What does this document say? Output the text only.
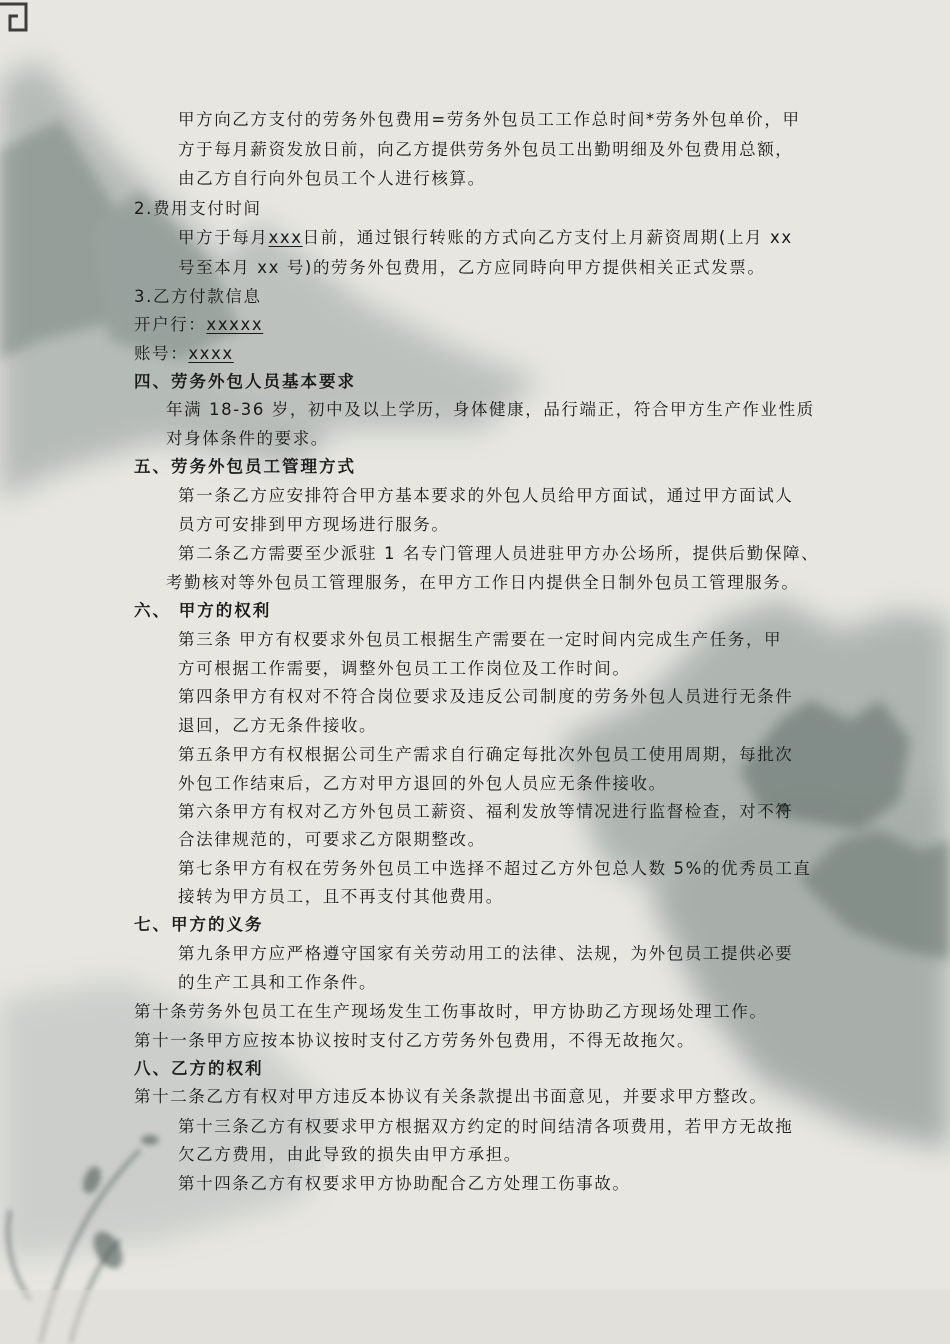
甲方向乙方支付的劳务外包费用=劳务外包员工工作总时间*劳务外包单价，甲
方于每月薪资发放日前，向乙方提供劳务外包员工出勤明细及外包费用总额，
由乙方自行向外包员工个人进行核算。
2.费用支付时间
甲方于每月xxx日前，通过银行转账的方式向乙方支付上月薪资周期(上月 xx
号至本月 xx 号)的劳务外包费用，乙方应同時向甲方提供相关正式发票。
3.乙方付款信息
开户行：xxxxx
账号：xxxx
四、劳务外包人员基本要求
年满 18-36 岁，初中及以上学历，身体健康，品行端正，符合甲方生产作业性质
对身体条件的要求。
五、劳务外包员工管理方式
第一条乙方应安排符合甲方基本要求的外包人员给甲方面试，通过甲方面试人
员方可安排到甲方现场进行服务。
第二条乙方需要至少派驻 1 名专门管理人员进驻甲方办公场所，提供后勤保障、
考勤核对等外包员工管理服务，在甲方工作日内提供全日制外包员工管理服务。
六、 甲方的权利
第三条 甲方有权要求外包员工根据生产需要在一定时间内完成生产任务，甲
方可根据工作需要，调整外包员工工作岗位及工作时间。
第四条甲方有权对不符合岗位要求及违反公司制度的劳务外包人员进行无条件
退回，乙方无条件接收。
第五条甲方有权根据公司生产需求自行确定每批次外包员工使用周期，每批次
外包工作结束后，乙方对甲方退回的外包人员应无条件接收。
第六条甲方有权对乙方外包员工薪资、福利发放等情况进行监督检查，对不符
合法律规范的，可要求乙方限期整改。
第七条甲方有权在劳务外包员工中选择不超过乙方外包总人数 5%的优秀员工直
接转为甲方员工，且不再支付其他费用。
七、甲方的义务
第九条甲方应严格遵守国家有关劳动用工的法律、法规，为外包员工提供必要
的生产工具和工作条件。
第十条劳务外包员工在生产现场发生工伤事故时，甲方协助乙方现场处理工作。
第十一条甲方应按本协议按时支付乙方劳务外包费用，不得无故拖欠。
八、乙方的权利
第十二条乙方有权对甲方违反本协议有关条款提出书面意见，并要求甲方整改。
第十三条乙方有权要求甲方根据双方约定的时间结清各项费用，若甲方无故拖
欠乙方费用，由此导致的损失由甲方承担。
第十四条乙方有权要求甲方协助配合乙方处理工伤事故。
